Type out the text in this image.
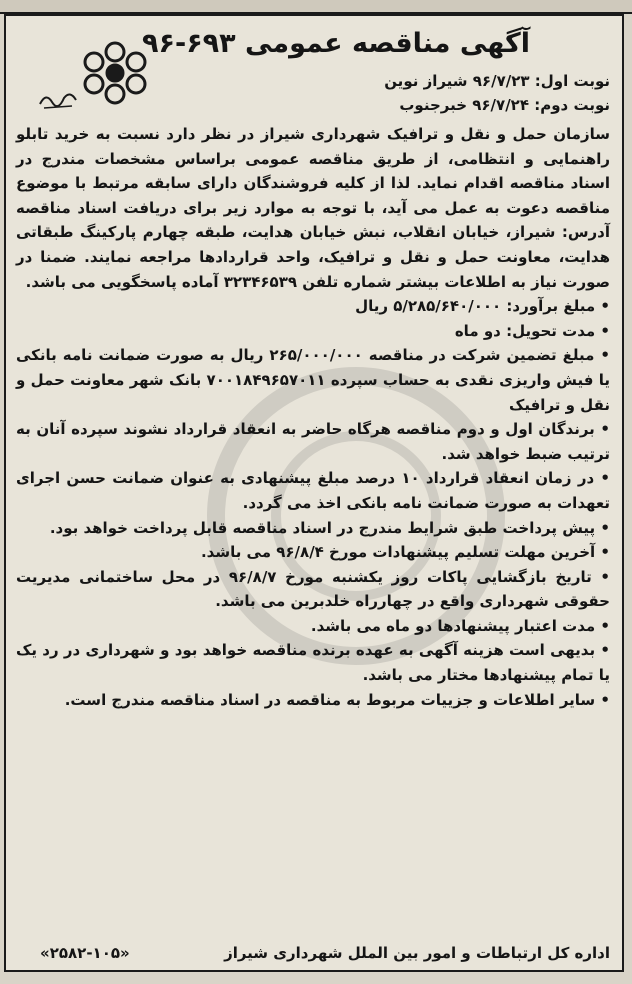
آگهی مناقصه عمومی ۶۹۳-۹۶
نوبت اول: ۹۶/۷/۲۳ شیراز نوین
نوبت دوم: ۹۶/۷/۲۴ خبرجنوب

سازمان حمل و نقل و ترافیک شهرداری شیراز در نظر دارد نسبت به خرید تابلو راهنمایی و انتظامی، از طریق مناقصه عمومی براساس مشخصات مندرج در اسناد مناقصه اقدام نماید. لذا از کلیه فروشندگان دارای سابقه مرتبط با موضوع مناقصه دعوت به عمل می آید، با توجه به موارد زیر برای دریافت اسناد مناقصه آدرس: شیراز، خیابان انقلاب، نبش خیابان هدایت، طبقه چهارم پارکینگ طبقاتی هدایت، معاونت حمل و نقل و ترافیک، واحد قراردادها مراجعه نمایند. ضمنا در صورت نیاز به اطلاعات بیشتر شماره تلفن ۳۲۳۴۶۵۳۹ آماده پاسخگویی می باشد.

• مبلغ برآورد: ۵/۲۸۵/۶۴۰/۰۰۰ ریال

• مدت تحویل: دو ماه

• مبلغ تضمین شرکت در مناقصه ۲۶۵/۰۰۰/۰۰۰ ریال به صورت ضمانت نامه بانکی یا فیش واریزی نقدی به حساب سپرده ۷۰۰۱۸۴۹۶۵۷۰۱۱ بانک شهر معاونت حمل و نقل و ترافیک

• برندگان اول و دوم مناقصه هرگاه حاضر به انعقاد قرارداد نشوند سپرده آنان به ترتیب ضبط خواهد شد.

• در زمان انعقاد قرارداد ۱۰ درصد مبلغ پیشنهادی به عنوان ضمانت حسن اجرای تعهدات به صورت ضمانت نامه بانکی اخذ می گردد.

• پیش پرداخت طبق شرایط مندرج در اسناد مناقصه قابل پرداخت خواهد بود.

• آخرین مهلت تسلیم پیشنهادات مورخ ۹۶/۸/۴ می باشد.

• تاریخ بازگشایی پاکات روز یکشنبه مورخ ۹۶/۸/۷ در محل ساختمانی مدیریت حقوقی شهرداری واقع در چهارراه خلدبرین می باشد.

• مدت اعتبار پیشنهادها دو ماه می باشد.

• بدیهی است هزینه آگهی به عهده برنده مناقصه خواهد بود و شهرداری در رد یک یا تمام پیشنهادها مختار می باشد.

• سایر اطلاعات و جزییات مربوط به مناقصه در اسناد مناقصه مندرج است.

اداره کل ارتباطات و امور بین الملل شهرداری شیراز
«۲۵۸۲-۱۰۵»
